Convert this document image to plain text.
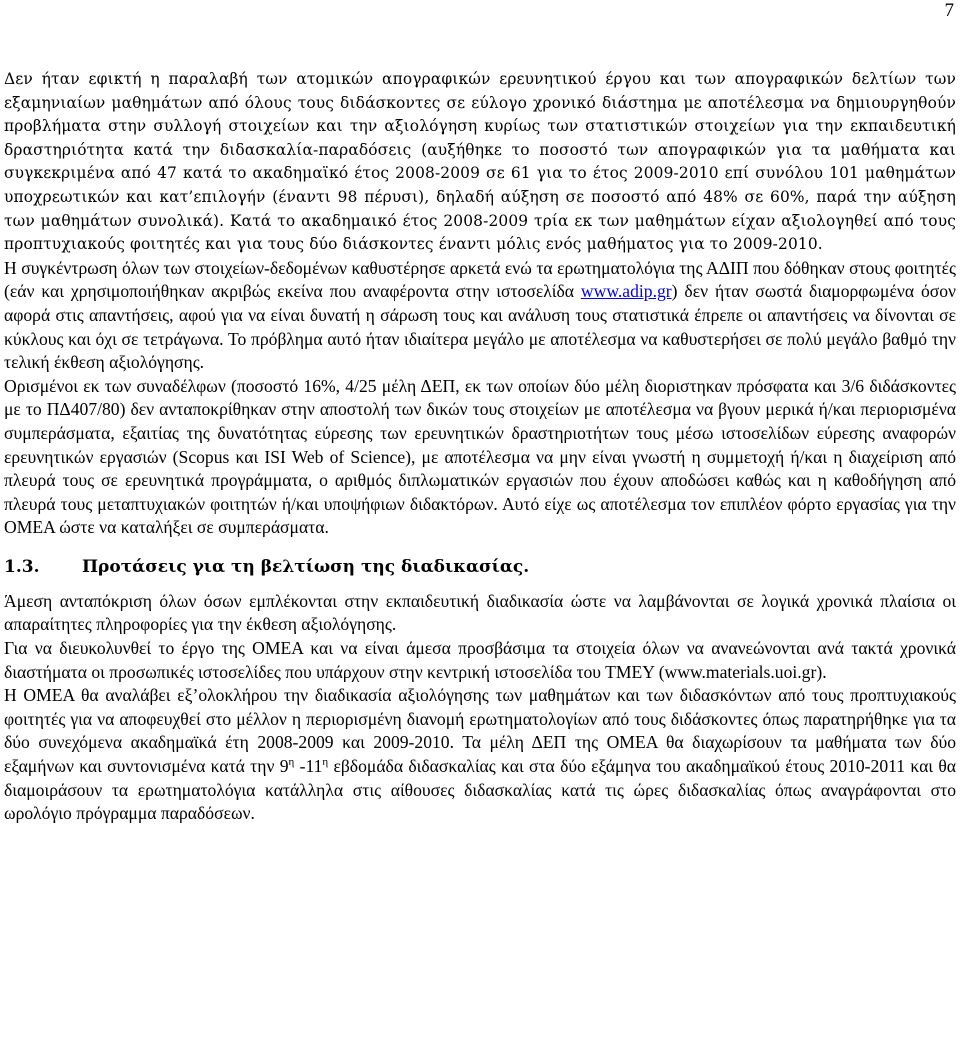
7

Δεν ήταν εφικτή η παραλαβή των ατομικών απογραφικών ερευνητικού έργου και των απογραφικών δελτίων των εξαμηνιαίων μαθημάτων από όλους τους διδάσκοντες σε εύλογο χρονικό διάστημα με αποτέλεσμα να δημιουργηθούν προβλήματα στην συλλογή στοιχείων και την αξιολόγηση κυρίως των στατιστικών στοιχείων για την εκπαιδευτική δραστηριότητα κατά την διδασκαλία-παραδόσεις (αυξήθηκε το ποσοστό των απογραφικών για τα μαθήματα και συγκεκριμένα από 47 κατά το ακαδημαϊκό έτος 2008-2009 σε 61 για το έτος 2009-2010 επί συνόλου 101 μαθημάτων υποχρεωτικών και κατ’επιλογήν (έναντι 98 πέρυσι), δηλαδή αύξηση σε ποσοστό από 48% σε 60%, παρά την αύξηση των μαθημάτων συνολικά). Κατά το ακαδημαικό έτος 2008-2009 τρία εκ των μαθημάτων είχαν αξιολογηθεί από τους προπτυχιακούς φοιτητές και για τους δύο διάσκοντες έναντι μόλις ενός μαθήματος για το 2009-2010.

Η συγκέντρωση όλων των στοιχείων-δεδομένων καθυστέρησε αρκετά ενώ τα ερωτηματολόγια της ΑΔΙΠ που δόθηκαν στους φοιτητές (εάν και χρησιμοποιήθηκαν ακριβώς εκείνα που αναφέροντα στην ιστοσελίδα www.adip.gr) δεν ήταν σωστά διαμορφωμένα όσον αφορά στις απαντήσεις, αφού για να είναι δυνατή η σάρωση τους και ανάλυση τους στατιστικά έπρεπε οι απαντήσεις να δίνονται σε κύκλους και όχι σε τετράγωνα. Το πρόβλημα αυτό ήταν ιδιαίτερα μεγάλο με αποτέλεσμα να καθυστερήσει σε πολύ μεγάλο βαθμό την τελική έκθεση αξιολόγησης.

Ορισμένοι εκ των συναδέλφων (ποσοστό 16%, 4/25 μέλη ΔΕΠ, εκ των οποίων δύο μέλη διοριστηκαν πρόσφατα και 3/6 διδάσκοντες με το ΠΔ407/80) δεν ανταποκρίθηκαν στην αποστολή των δικών τους στοιχείων με αποτέλεσμα να βγουν μερικά ή/και περιορισμένα συμπεράσματα, εξαιτίας της δυνατότητας εύρεσης των ερευνητικών δραστηριοτήτων τους μέσω ιστοσελίδων εύρεσης αναφορών ερευνητικών εργασιών (Scopus και ISI Web of Science), με αποτέλεσμα να μην είναι γνωστή η συμμετοχή ή/και η διαχείριση από πλευρά τους σε ερευνητικά προγράμματα, ο αριθμός διπλωματικών εργασιών που έχουν αποδώσει καθώς και η καθοδήγηση από πλευρά τους μεταπτυχιακών φοιτητών ή/και υποψήφιων διδακτόρων. Αυτό είχε ως αποτέλεσμα τον επιπλέον φόρτο εργασίας για την ΟΜΕΑ ώστε να καταλήξει σε συμπεράσματα.

1.3.	Προτάσεις για τη βελτίωση της διαδικασίας.

Άμεση ανταπόκριση όλων όσων εμπλέκονται στην εκπαιδευτική διαδικασία ώστε να λαμβάνονται σε λογικά χρονικά πλαίσια οι απαραίτητες πληροφορίες για την έκθεση αξιολόγησης.

Για να διευκολυνθεί το έργο της ΟΜΕΑ και να είναι άμεσα προσβάσιμα τα στοιχεία όλων να ανανεώνονται ανά τακτά χρονικά διαστήματα οι προσωπικές ιστοσελίδες που υπάρχουν στην κεντρική ιστοσελίδα του ΤΜΕΥ (www.materials.uoi.gr).

Η ΟΜΕΑ θα αναλάβει εξ’ολοκλήρου την διαδικασία αξιολόγησης των μαθημάτων και των διδασκόντων από τους προπτυχιακούς φοιτητές για να αποφευχθεί στο μέλλον η περιορισμένη διανομή ερωτηματολογίων από τους διδάσκοντες όπως παρατηρήθηκε για τα δύο συνεχόμενα ακαδημαϊκά έτη 2008-2009 και 2009-2010. Τα μέλη ΔΕΠ της ΟΜΕΑ θα διαχωρίσουν τα μαθήματα των δύο εξαμήνων και συντονισμένα κατά την $9^\eta$ $-11^\eta$ εβδομάδα διδασκαλίας και στα δύο εξάμηνα του ακαδημαϊκού έτους 2010-2011 και θα διαμοιράσουν τα ερωτηματολόγια κατάλληλα στις αίθουσες διδασκαλίας κατά τις ώρες διδασκαλίας όπως αναγράφονται στο ωρολόγιο πρόγραμμα παραδόσεων.
